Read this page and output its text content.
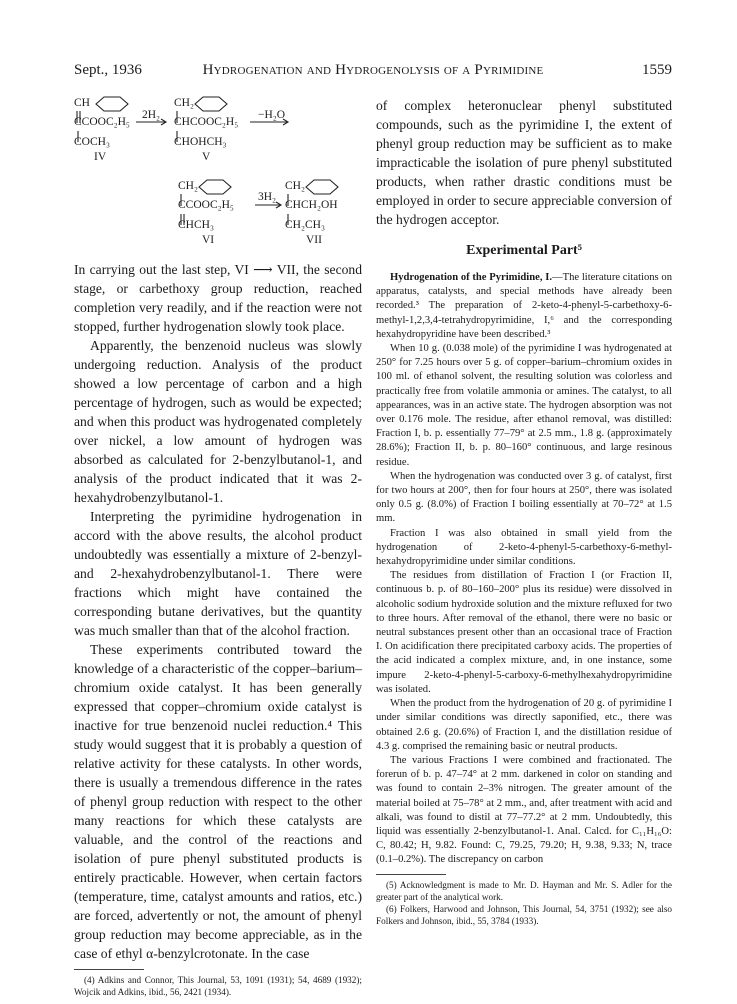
Sept., 1936	Hydrogenation and Hydrogenolysis of a Pyrimidine	1559
CH
CCOOC₂H₅
COCH₃
IV
2H₂
CH₂
CHCOOC₂H₅
CHOHCH₃
V
−H₂O
CH₂
CCOOC₂H₅
CHCH₃
VI
3H₂
CH₂
CHCH₂OH
CH₂CH₃
VII

In carrying out the last step, VI ⟶ VII, the second stage, or carbethoxy group reduction, reached completion very readily, and if the reaction were not stopped, further hydrogenation slowly took place.

Apparently, the benzenoid nucleus was slowly undergoing reduction. Analysis of the product showed a low percentage of carbon and a high percentage of hydrogen, such as would be expected; and when this product was hydrogenated completely over nickel, a low amount of hydrogen was absorbed as calculated for 2-benzylbutanol-1, and analysis of the product indicated that it was 2-hexahydrobenzylbutanol-1.

Interpreting the pyrimidine hydrogenation in accord with the above results, the alcohol product undoubtedly was essentially a mixture of 2-benzyl- and 2-hexahydrobenzylbutanol-1. There were fractions which might have contained the corresponding butane derivatives, but the quantity was much smaller than that of the alcohol fraction.

These experiments contributed toward the knowledge of a characteristic of the copper–barium–chromium oxide catalyst. It has been generally expressed that copper–chromium oxide catalyst is inactive for true benzenoid nuclei reduction.⁴ This study would suggest that it is probably a question of relative activity for these catalysts. In other words, there is usually a tremendous difference in the rates of phenyl group reduction with respect to the other many reactions for which these catalysts are valuable, and the control of the reactions and isolation of pure phenyl substituted products is entirely practicable. However, when certain factors (temperature, time, catalyst amounts and ratios, etc.) are forced, advertently or not, the amount of phenyl group reduction may become appreciable, as in the case of ethyl α-benzylcrotonate. In the case

(4) Adkins and Connor, This Journal, 53, 1091 (1931); 54, 4689 (1932); Wojcik and Adkins, ibid., 56, 2421 (1934).

of complex heteronuclear phenyl substituted compounds, such as the pyrimidine I, the extent of phenyl group reduction may be sufficient as to make impracticable the isolation of pure phenyl substituted products, when rather drastic conditions must be employed in order to secure appreciable conversion of the hydrogen acceptor.

Experimental Part⁵

Hydrogenation of the Pyrimidine, I.—The literature citations on apparatus, catalysts, and special methods have already been recorded.³ The preparation of 2-keto-4-phenyl-5-carbethoxy-6-methyl-1,2,3,4-tetrahydropyrimidine, I,⁶ and the corresponding hexahydropyridine have been described.³

When 10 g. (0.038 mole) of the pyrimidine I was hydrogenated at 250° for 7.25 hours over 5 g. of copper–barium–chromium oxides in 100 ml. of ethanol solvent, the resulting solution was colorless and practically free from volatile ammonia or amines. The catalyst, to all appearances, was in an active state. The hydrogen absorption was not over 0.176 mole. The residue, after ethanol removal, was distilled: Fraction I, b. p. essentially 77–79° at 2.5 mm., 1.8 g. (approximately 28.6%); Fraction II, b. p. 80–160° continuous, and large resinous residue.

When the hydrogenation was conducted over 3 g. of catalyst, first for two hours at 200°, then for four hours at 250°, there was isolated only 0.5 g. (8.0%) of Fraction I boiling essentially at 70–72° at 1.5 mm.

Fraction I was also obtained in small yield from the hydrogenation of 2-keto-4-phenyl-5-carbethoxy-6-methyl-hexahydropyrimidine under similar conditions.

The residues from distillation of Fraction I (or Fraction II, continuous b. p. of 80–160–200° plus its residue) were dissolved in alcoholic sodium hydroxide solution and the mixture refluxed for two to three hours. After removal of the ethanol, there were no basic or neutral substances present other than an occasional trace of Fraction I. On acidification there precipitated carboxy acids. The properties of the acid indicated a complex mixture, and, in one instance, some impure 2-keto-4-phenyl-5-carboxy-6-methylhexahydropyrimidine was isolated.

When the product from the hydrogenation of 20 g. of pyrimidine I under similar conditions was directly saponified, etc., there was obtained 2.6 g. (20.6%) of Fraction I, and the distillation residue of 4.3 g. comprised the remaining basic or neutral products.

The various Fractions I were combined and fractionated. The forerun of b. p. 47–74° at 2 mm. darkened in color on standing and was found to contain 2–3% nitrogen. The greater amount of the material boiled at 75–78° at 2 mm., and, after treatment with acid and alkali, was found to distil at 77–77.2° at 2 mm. Undoubtedly, this liquid was essentially 2-benzylbutanol-1. Anal. Calcd. for C₁₁H₁₆O: C, 80.42; H, 9.82. Found: C, 79.25, 79.20; H, 9.38, 9.33; N, trace (0.1–0.2%). The discrepancy on carbon

(5) Acknowledgment is made to Mr. D. Hayman and Mr. S. Adler for the greater part of the analytical work.
(6) Folkers, Harwood and Johnson, This Journal, 54, 3751 (1932); see also Folkers and Johnson, ibid., 55, 3784 (1933).
